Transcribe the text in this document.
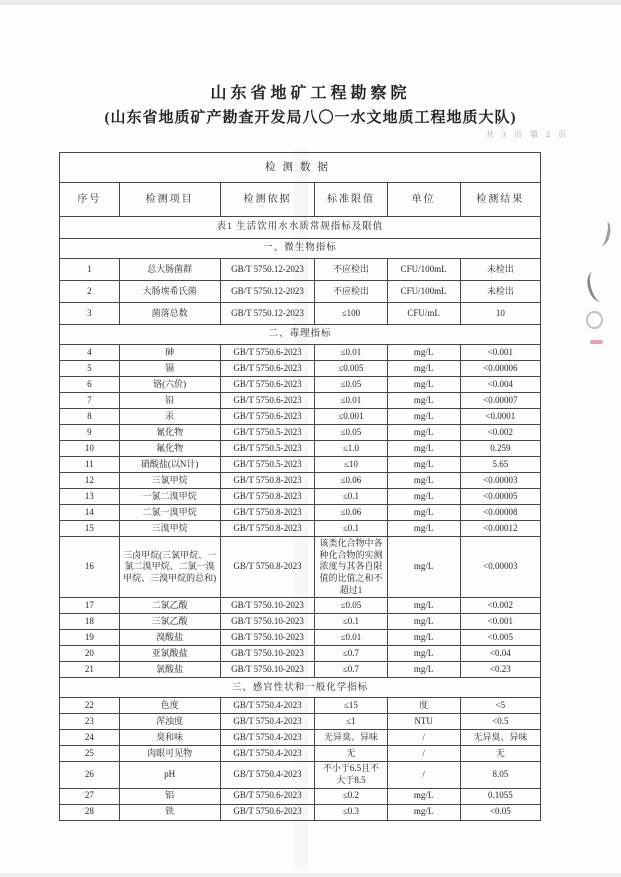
山东省地矿工程勘察院
(山东省地质矿产勘查开发局八〇一水文地质工程地质大队)
共 3 页 第 2 页
检测数据					
序号	检测项目	检测依据	标准限值	单位	检测结果
表1 生活饮用水水质常规指标及限值					
一、微生物指标					
1	总大肠菌群	GB/T 5750.12-2023	不应检出	CFU/100mL	未检出
2	大肠埃希氏菌	GB/T 5750.12-2023	不应检出	CFU/100mL	未检出
3	菌落总数	GB/T 5750.12-2023	≤100	CFU/mL	10
二、毒理指标					
4	砷	GB/T 5750.6-2023	≤0.01	mg/L	<0.001
5	镉	GB/T 5750.6-2023	≤0.005	mg/L	<0.00006
6	铬(六价)	GB/T 5750.6-2023	≤0.05	mg/L	<0.004
7	铅	GB/T 5750.6-2023	≤0.01	mg/L	<0.00007
8	汞	GB/T 5750.6-2023	≤0.001	mg/L	<0.0001
9	氰化物	GB/T 5750.5-2023	≤0.05	mg/L	<0.002
10	氟化物	GB/T 5750.5-2023	≤1.0	mg/L	0.259
11	硝酸盐(以N计)	GB/T 5750.5-2023	≤10	mg/L	5.65
12	三氯甲烷	GB/T 5750.8-2023	≤0.06	mg/L	<0.00003
13	一氯二溴甲烷	GB/T 5750.8-2023	≤0.1	mg/L	<0.00005
14	二氯一溴甲烷	GB/T 5750.8-2023	≤0.06	mg/L	<0.00008
15	三溴甲烷	GB/T 5750.8-2023	≤0.1	mg/L	<0.00012
16	三卤甲烷(三氯甲烷、一氯二溴甲烷、二氯一溴甲烷、三溴甲烷的总和)	GB/T 5750.8-2023	该类化合物中各种化合物的实测浓度与其各自限值的比值之和不超过1	mg/L	<0.00003
17	二氯乙酸	GB/T 5750.10-2023	≤0.05	mg/L	<0.002
18	三氯乙酸	GB/T 5750.10-2023	≤0.1	mg/L	<0.001
19	溴酸盐	GB/T 5750.10-2023	≤0.01	mg/L	<0.005
20	亚氯酸盐	GB/T 5750.10-2023	≤0.7	mg/L	<0.04
21	氯酸盐	GB/T 5750.10-2023	≤0.7	mg/L	<0.23
三、感官性状和一般化学指标					
22	色度	GB/T 5750.4-2023	≤15	度	<5
23	浑浊度	GB/T 5750.4-2023	≤1	NTU	<0.5
24	臭和味	GB/T 5750.4-2023	无异臭、异味	/	无异臭、异味
25	肉眼可见物	GB/T 5750.4-2023	无	/	无
26	pH	GB/T 5750.4-2023	不小于6.5且不大于8.5	/	8.05
27	铝	GB/T 5750.6-2023	≤0.2	mg/L	0.1055
28	铁	GB/T 5750.6-2023	≤0.3	mg/L	<0.05
